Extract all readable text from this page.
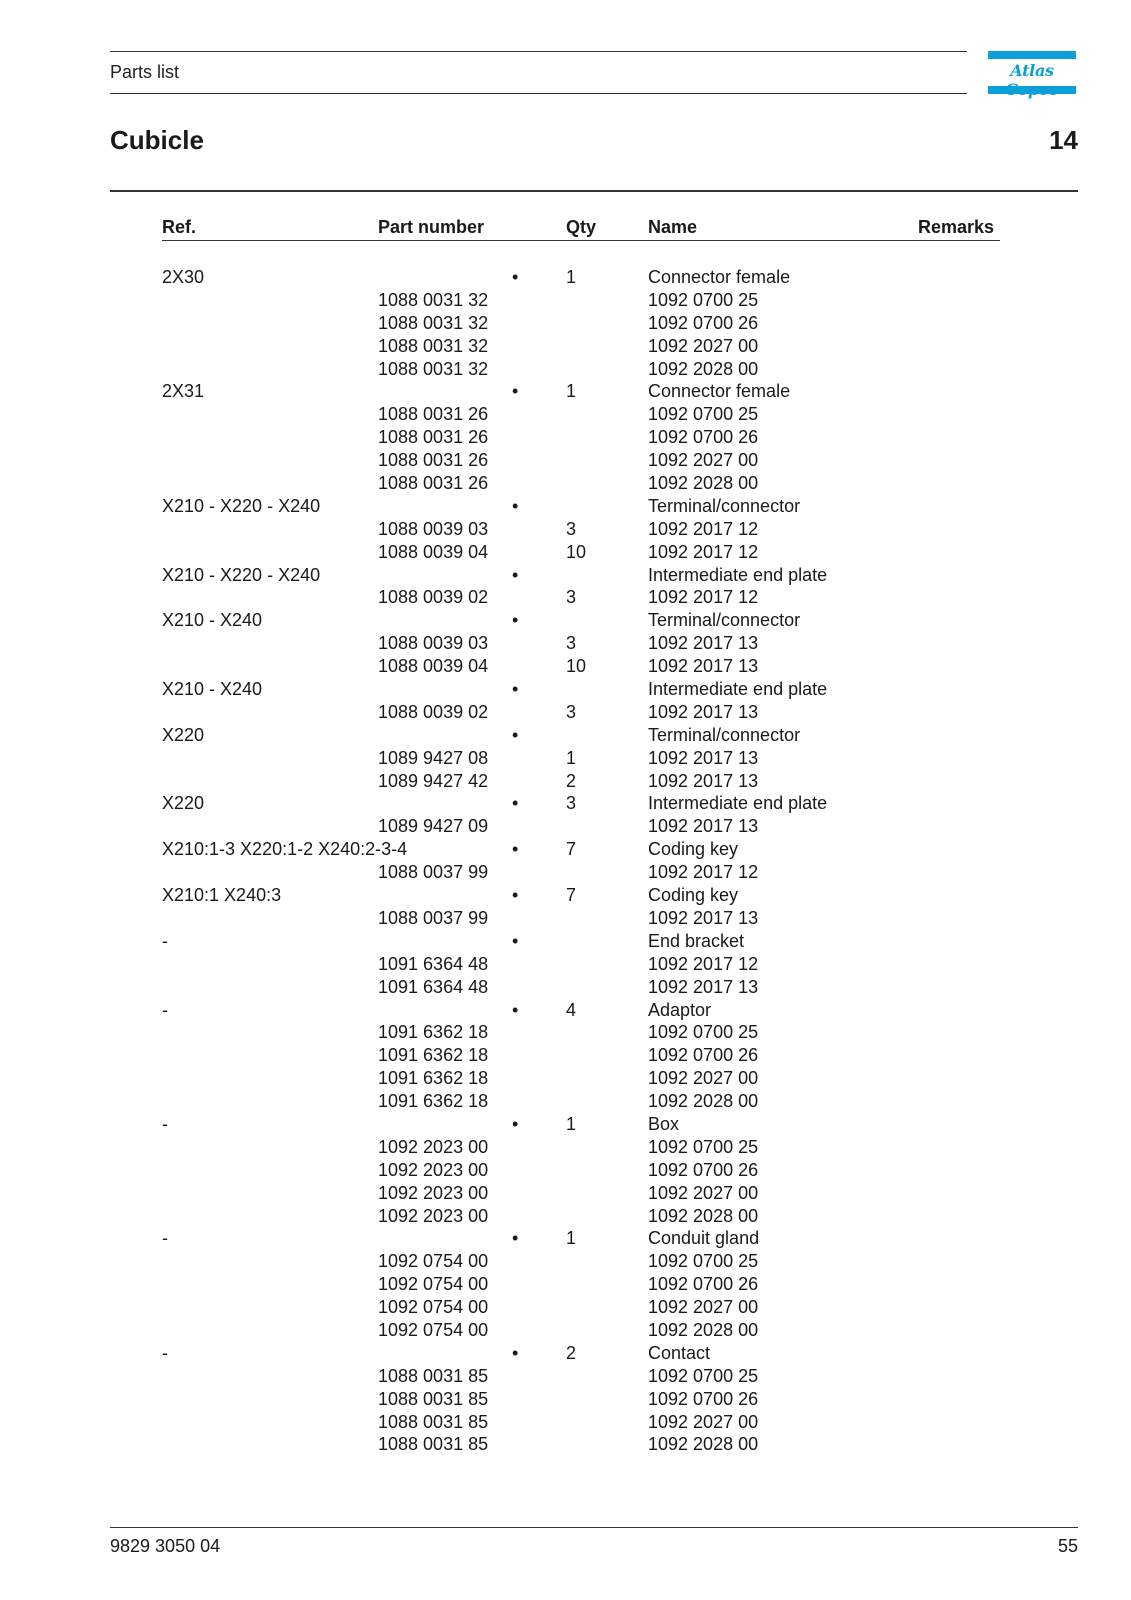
Parts list	Atlas
Cubicle	14
Ref.	Part number	Qty	Name	Remarks
2X30	•	1	Connector female
1088 0031 32	1092 0700 25
1088 0031 32	1092 0700 26
1088 0031 32	1092 2027 00
1088 0031 32	1092 2028 00
2X31	•	1	Connector female
1088 0031 26	1092 0700 25
1088 0031 26	1092 0700 26
1088 0031 26	1092 2027 00
1088 0031 26	1092 2028 00
X210 - X220 - X240	•	Terminal/connector
1088 0039 03	3	1092 2017 12
1088 0039 04	10	1092 2017 12
X210 - X220 - X240	•	Intermediate end plate
1088 0039 02	3	1092 2017 12
X210 - X240	•	Terminal/connector
1088 0039 03	3	1092 2017 13
1088 0039 04	10	1092 2017 13
X210 - X240	•	Intermediate end plate
1088 0039 02	3	1092 2017 13
X220	•	Terminal/connector
1089 9427 08	1	1092 2017 13
1089 9427 42	2	1092 2017 13
X220	•	3	Intermediate end plate
1089 9427 09	1092 2017 13
X210:1-3 X220:1-2 X240:2-3-4	•	7	Coding key
1088 0037 99	1092 2017 12
X210:1 X240:3	•	7	Coding key
1088 0037 99	1092 2017 13
-	•	End bracket
1091 6364 48	1092 2017 12
1091 6364 48	1092 2017 13
-	•	4	Adaptor
1091 6362 18	1092 0700 25
1091 6362 18	1092 0700 26
1091 6362 18	1092 2027 00
1091 6362 18	1092 2028 00
-	•	1	Box
1092 2023 00	1092 0700 25
1092 2023 00	1092 0700 26
1092 2023 00	1092 2027 00
1092 2023 00	1092 2028 00
-	•	1	Conduit gland
1092 0754 00	1092 0700 25
1092 0754 00	1092 0700 26
1092 0754 00	1092 2027 00
1092 0754 00	1092 2028 00
-	•	2	Contact
1088 0031 85	1092 0700 25
1088 0031 85	1092 0700 26
1088 0031 85	1092 2027 00
1088 0031 85	1092 2028 00
9829 3050 04	55
